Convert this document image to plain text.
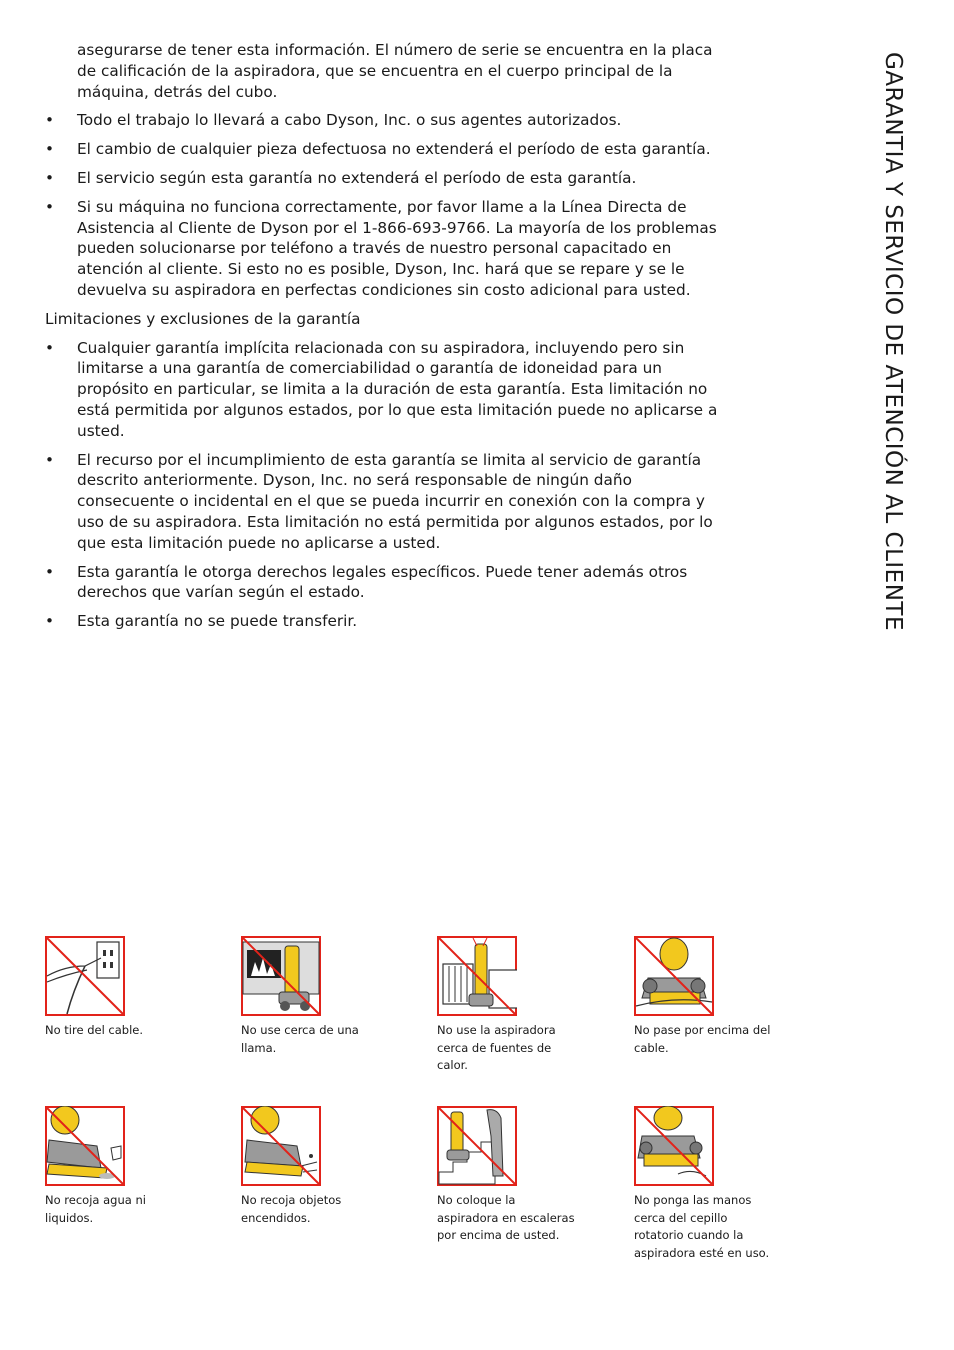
GARANTIA Y SERVICIO DE ATENCIÓN AL CLIENTE

asegurarse de tener esta información. El número de serie se encuentra en la placa de calificación de la aspiradora, que se encuentra en el cuerpo principal de la máquina, detrás del cubo.

•	Todo el trabajo lo llevará a cabo Dyson, Inc. o sus agentes autorizados.
•	El cambio de cualquier pieza defectuosa no extenderá el período de esta garantía.
•	El servicio según esta garantía no extenderá el período de esta garantía.
•	Si su máquina no funciona correctamente, por favor llame a la Línea Directa de Asistencia al Cliente de Dyson por el 1-866-693-9766. La mayoría de los problemas pueden solucionarse por teléfono a través de nuestro personal capacitado en atención al cliente. Si esto no es posible, Dyson, Inc. hará que se repare y se le devuelva su aspiradora en perfectas condiciones sin costo adicional para usted.

Limitaciones y exclusiones de la garantía

•	Cualquier garantía implícita relacionada con su aspiradora, incluyendo pero sin limitarse a una garantía de comerciabilidad o garantía de idoneidad para un propósito en particular, se limita a la duración de esta garantía. Esta limitación no está permitida por algunos estados, por lo que esta limitación puede no aplicarse a usted.
•	El recurso por el incumplimiento de esta garantía se limita al servicio de garantía descrito anteriormente. Dyson, Inc. no será responsable de ningún daño consecuente o incidental en el que se pueda incurrir en conexión con la compra y uso de su aspiradora. Esta limitación no está permitida por algunos estados, por lo que esta limitación puede no aplicarse a usted.
•	Esta garantía le otorga derechos legales específicos. Puede tener además otros derechos que varían según el estado.
•	Esta garantía no se puede transferir.
No tire del cable.	No use cerca de una llama.
No use la aspiradora cerca de fuentes de calor.
No pase por encima del cable.
No recoja agua ni liquidos.
No recoja objetos encendidos.
No coloque la aspiradora en escaleras por encima de usted.
No ponga las manos cerca del cepillo rotatorio cuando la aspiradora esté en uso.
